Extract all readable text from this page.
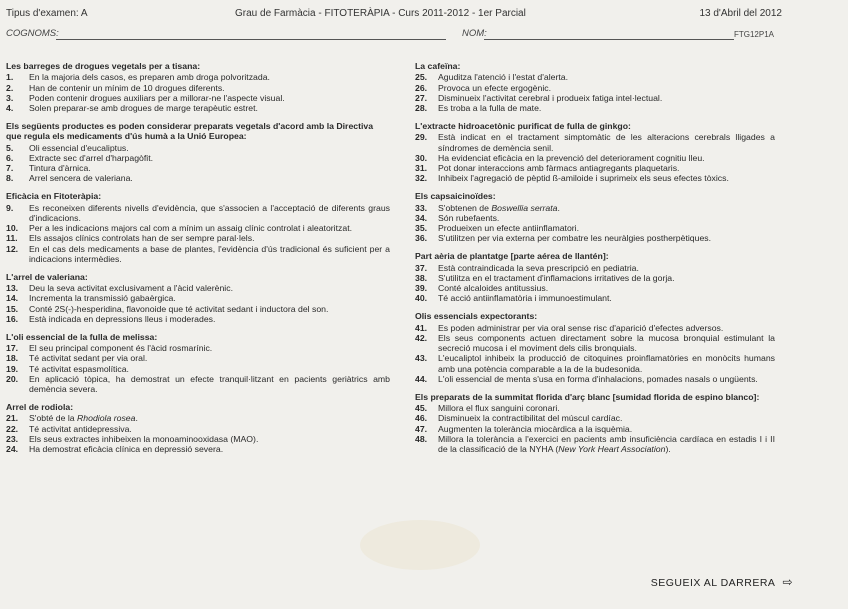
Tipus d'examen: A	Grau de Farmàcia - FITOTERÀPIA - Curs 2011-2012 - 1er Parcial	13 d'Abril del 2012
COGNOMS:	NOM:	FTG12P1A
Les barreges de drogues vegetals per a tisana:
1. En la majoria dels casos, es preparen amb droga polvoritzada.
2. Han de contenir un mínim de 10 drogues diferents.
3. Poden contenir drogues auxiliars per a millorar-ne l'aspecte visual.
4. Solen preparar-se amb drogues de marge terapèutic estret.
Els següents productes es poden considerar preparats vegetals d'acord amb la Directiva que regula els medicaments d'ús humà a la Unió Europea:
5. Oli essencial d'eucaliptus.
6. Extracte sec d'arrel d'harpagòfit.
7. Tintura d'àrnica.
8. Arrel sencera de valeriana.
Eficàcia en Fitoteràpia:
9. Es reconeixen diferents nivells d'evidència, que s'associen a l'acceptació de diferents graus d'indicacions.
10. Per a les indicacions majors cal com a mínim un assaig clínic controlat i aleatoritzat.
11. Els assajos clínics controlats han de ser sempre paral·lels.
12. En el cas dels medicaments a base de plantes, l'evidència d'ús tradicional és suficient per a indicacions intermèdies.
L'arrel de valeriana:
13. Deu la seva activitat exclusivament a l'àcid valerènic.
14. Incrementa la transmissió gabaèrgica.
15. Conté 2S(-)-hesperidina, flavonoide que té activitat sedant i inductora del son.
16. Està indicada en depressions lleus i moderades.
L'oli essencial de la fulla de melissa:
17. El seu principal component és l'àcid rosmarínic.
18. Té activitat sedant per via oral.
19. Té activitat espasmolítica.
20. En aplicació tòpica, ha demostrat un efecte tranquil·litzant en pacients geriàtrics amb demència severa.
Arrel de rodiola:
21. S'obté de la Rhodiola rosea.
22. Té activitat antidepressiva.
23. Els seus extractes inhibeixen la monoaminooxidasa (MAO).
24. Ha demostrat eficàcia clínica en depressió severa.
La cafeïna:
25. Aguditza l'atenció i l'estat d'alerta.
26. Provoca un efecte ergogènic.
27. Disminueix l'activitat cerebral i produeix fatiga intel·lectual.
28. Es troba a la fulla de mate.
L'extracte hidroacetònic purificat de fulla de ginkgo:
29. Està indicat en el tractament simptomàtic de les alteracions cerebrals lligades a síndromes de demència senil.
30. Ha evidenciat eficàcia en la prevenció del deteriorament cognitiu lleu.
31. Pot donar interaccions amb fàrmacs antiagregants plaquetaris.
32. Inhibeix l'agregació de pèptid ß-amiloide i suprimeix els seus efectes tòxics.
Els capsaicinoïdes:
33. S'obtenen de Boswellia serrata.
34. Són rubefaents.
35. Produeixen un efecte antiinflamatori.
36. S'utilitzen per via externa per combatre les neuràlgies postherpètiques.
Part aèria de plantatge [parte aérea de llantén]:
37. Està contraindicada la seva prescripció en pediatria.
38. S'utilitza en el tractament d'inflamacions irritatives de la gorja.
39. Conté alcaloides antitussius.
40. Té acció antiinflamatòria i immunoestimulant.
Olis essencials expectorants:
41. Es poden administrar per via oral sense risc d'aparició d'efectes adversos.
42. Els seus components actuen directament sobre la mucosa bronquial estimulant la secreció mucosa i el moviment dels cilis bronquials.
43. L'eucaliptol inhibeix la producció de citoquines proinflamatòries en monòcits humans amb una potència comparable a la de la budesonida.
44. L'oli essencial de menta s'usa en forma d'inhalacions, pomades nasals o ungüents.
Els preparats de la summitat florida d'arç blanc [sumidad florida de espino blanco]:
45. Millora el flux sanguini coronari.
46. Disminueix la contractibilitat del múscul cardíac.
47. Augmenten la tolerància miocàrdica a la isquèmia.
48. Millora la tolerància a l'exercici en pacients amb insuficiència cardíaca en estadis I i II de la classificació de la NYHA (New York Heart Association).
SEGUEIX AL DARRERA ⇨
